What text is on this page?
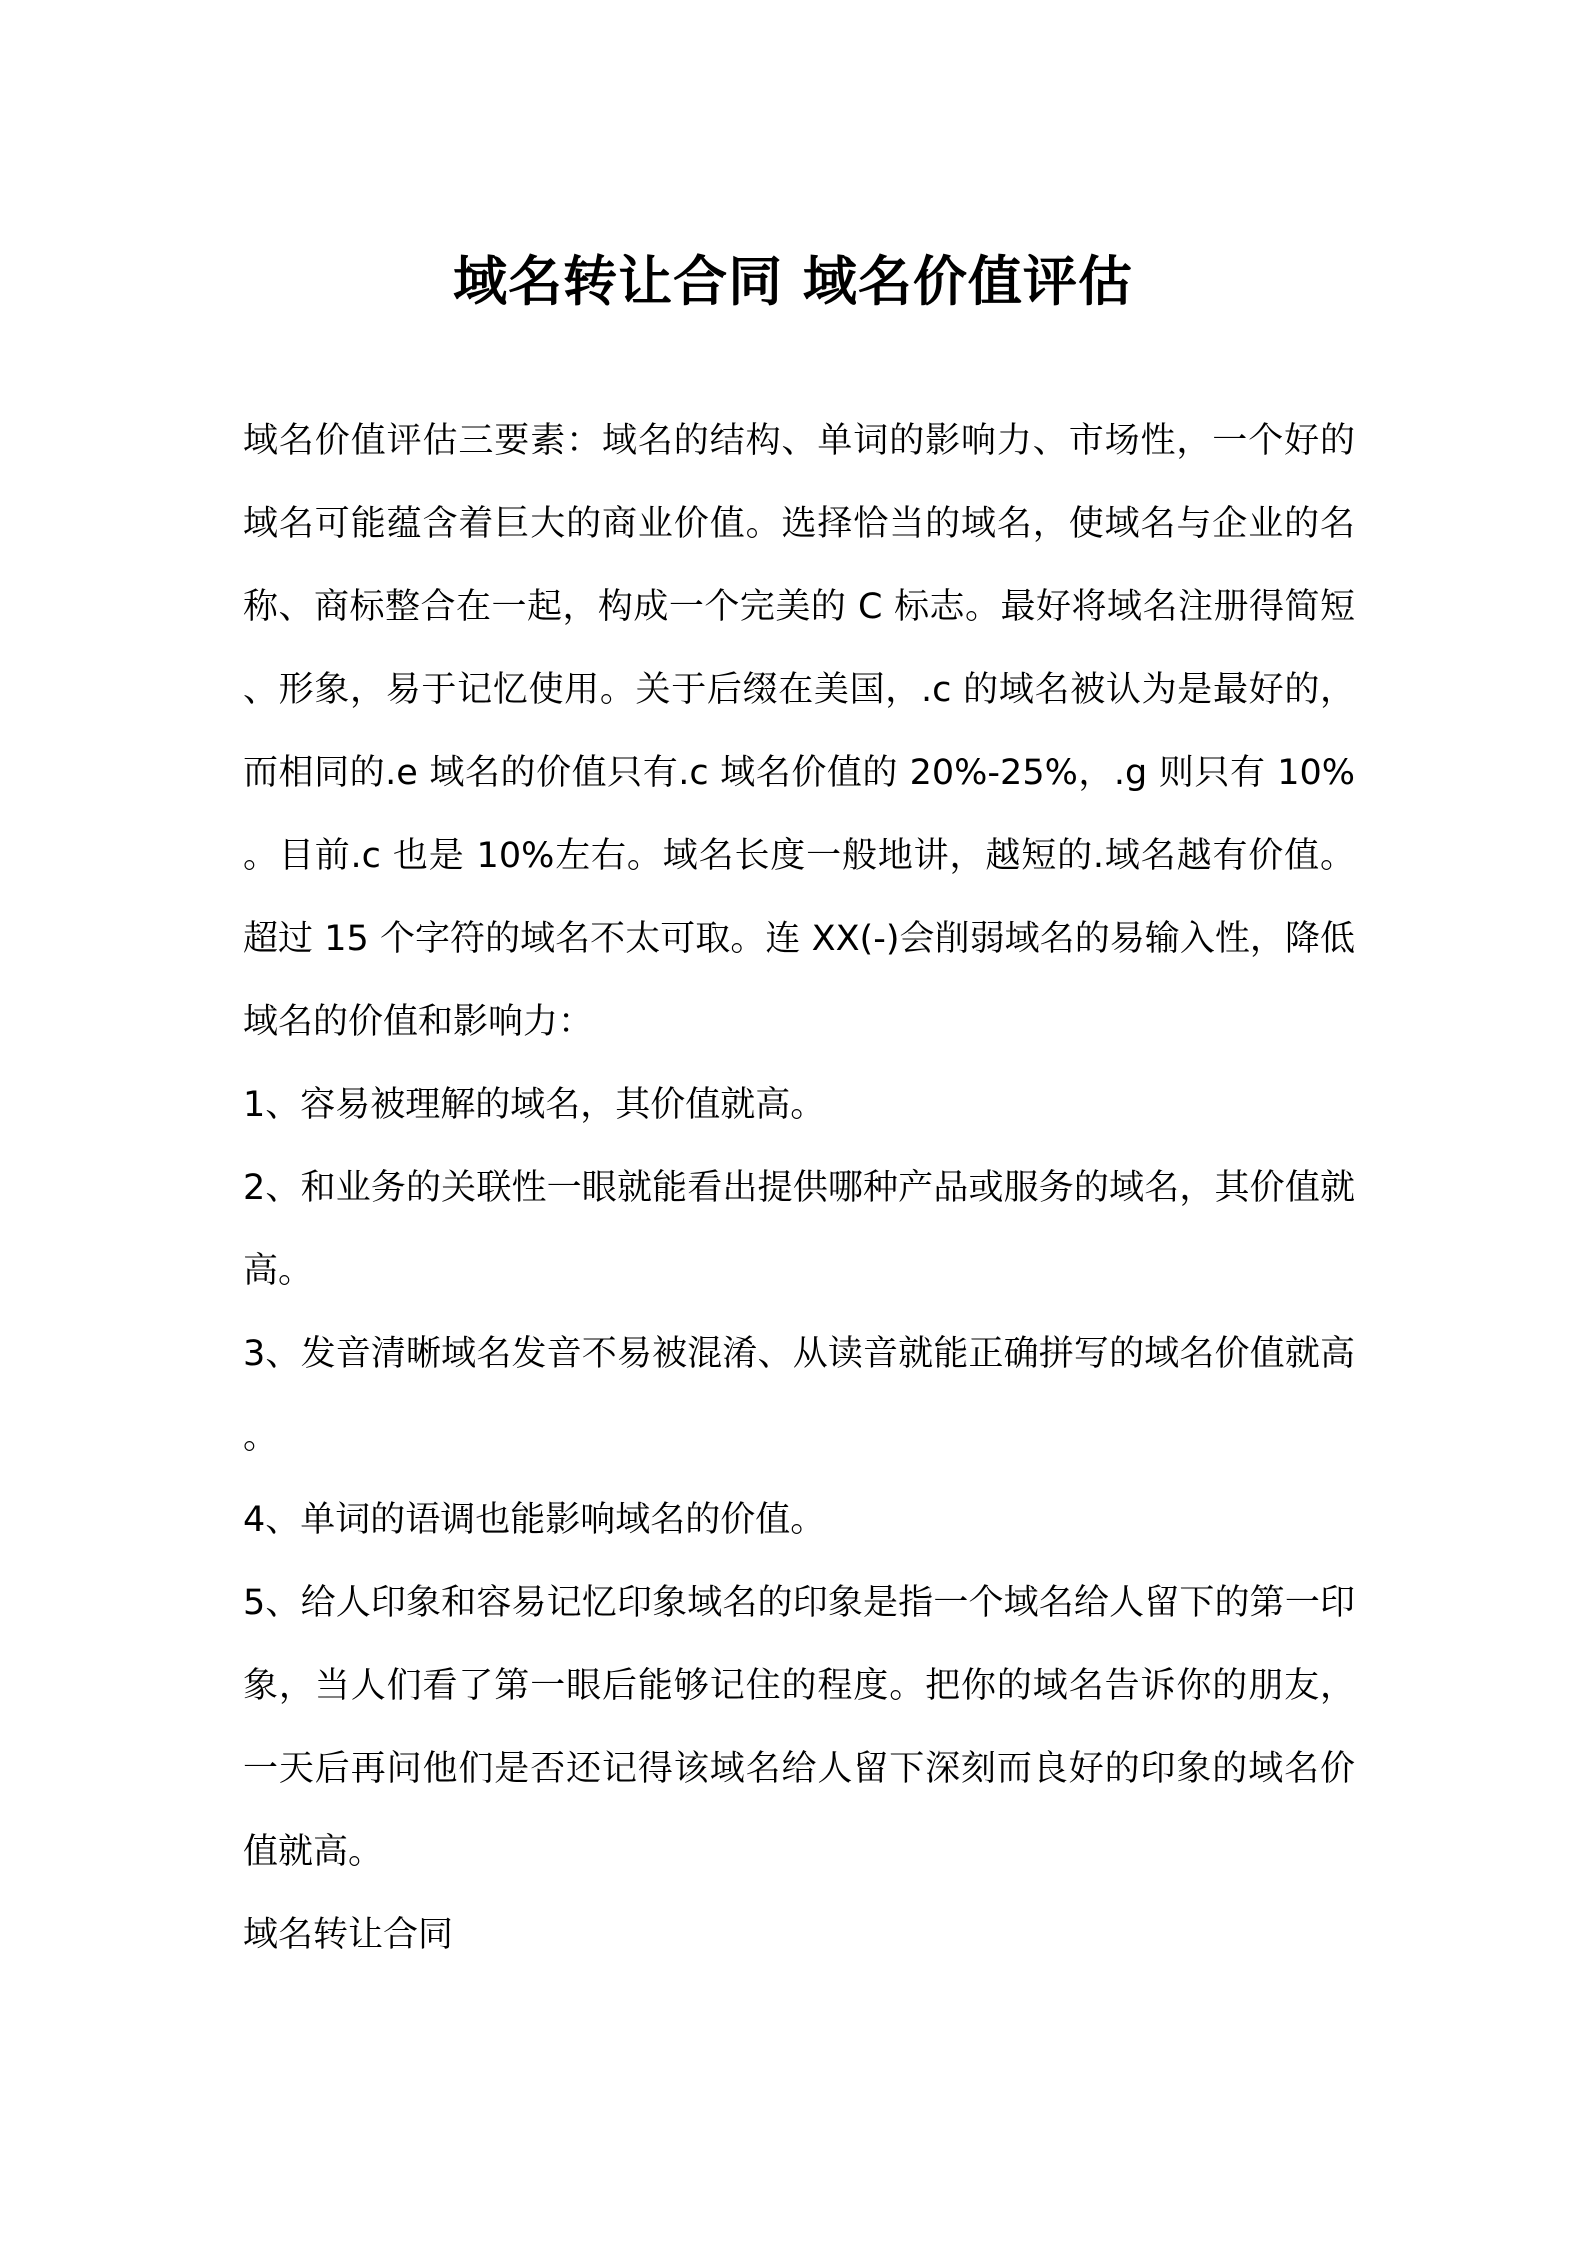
域名转让合同 域名价值评估

域名价值评估三要素：域名的结构、单词的影响力、市场性，一个好的域名可能蕴含着巨大的商业价值。选择恰当的域名，使域名与企业的名称、商标整合在一起，构成一个完美的 C 标志。最好将域名注册得简短、形象，易于记忆使用。关于后缀在美国，.c 的域名被认为是最好的，而相同的.e 域名的价值只有.c 域名价值的 20%-25%，.g 则只有 10%。目前.c 也是 10%左右。域名长度一般地讲，越短的.域名越有价值。超过 15 个字符的域名不太可取。连 XX(-)会削弱域名的易输入性，降低域名的价值和影响力：

1、容易被理解的域名，其价值就高。

2、和业务的关联性一眼就能看出提供哪种产品或服务的域名，其价值就高。

3、发音清晰域名发音不易被混淆、从读音就能正确拼写的域名价值就高。

4、单词的语调也能影响域名的价值。

5、给人印象和容易记忆印象域名的印象是指一个域名给人留下的第一印象，当人们看了第一眼后能够记住的程度。把你的域名告诉你的朋友，一天后再问他们是否还记得该域名给人留下深刻而良好的印象的域名价值就高。

域名转让合同
